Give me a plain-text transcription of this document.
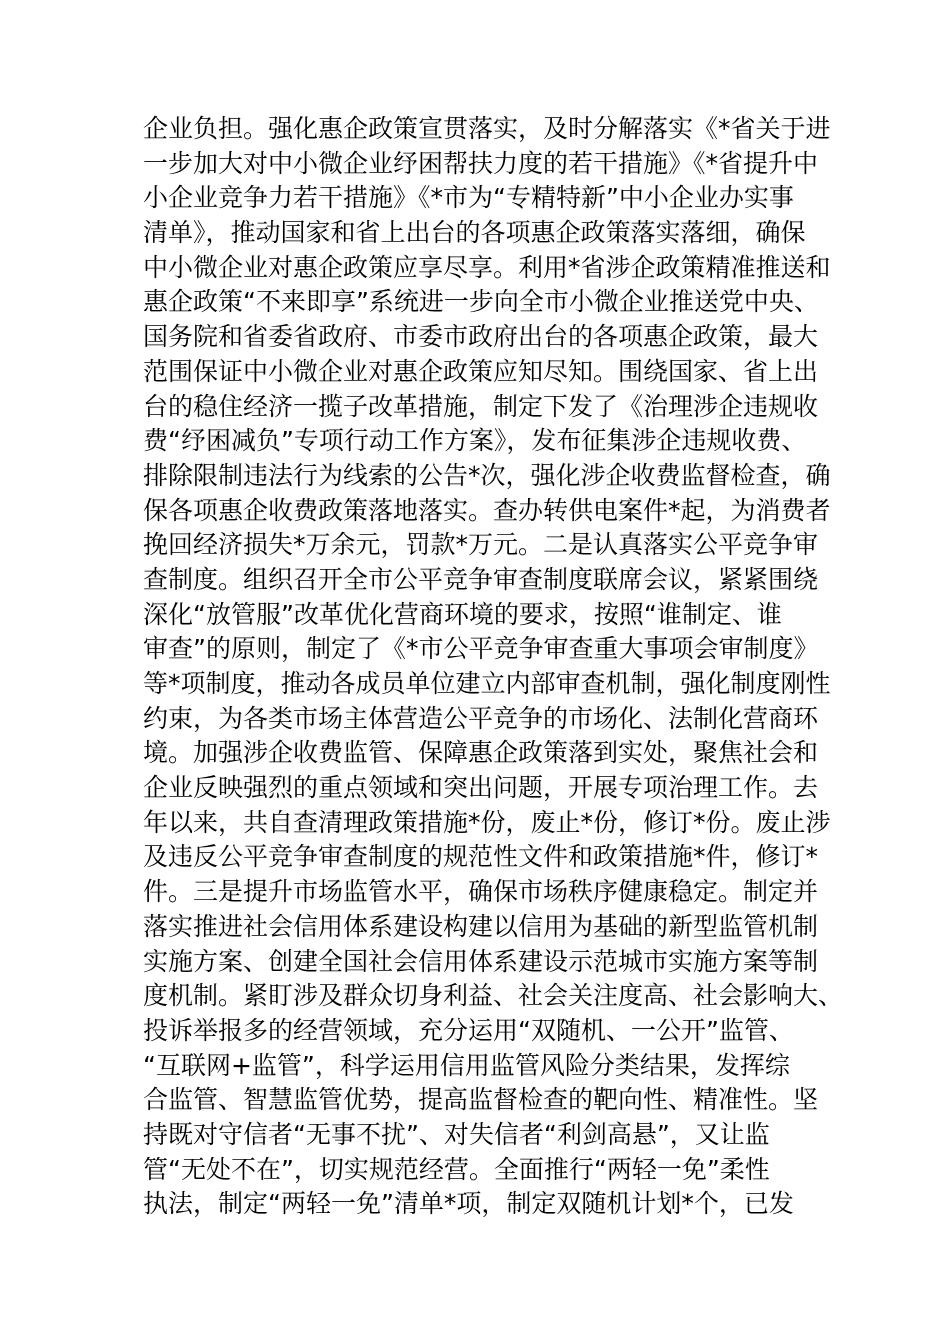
企业负担。强化惠企政策宣贯落实，及时分解落实《*省关于进
一步加大对中小微企业纾困帮扶力度的若干措施》《*省提升中
小企业竞争力若干措施》《*市为“专精特新”中小企业办实事
清单》，推动国家和省上出台的各项惠企政策落实落细，确保
中小微企业对惠企政策应享尽享。利用*省涉企政策精准推送和
惠企政策“不来即享”系统进一步向全市小微企业推送党中央、
国务院和省委省政府、市委市政府出台的各项惠企政策，最大
范围保证中小微企业对惠企政策应知尽知。围绕国家、省上出
台的稳住经济一揽子改革措施，制定下发了《治理涉企违规收
费“纾困减负”专项行动工作方案》，发布征集涉企违规收费、
排除限制违法行为线索的公告*次，强化涉企收费监督检查，确
保各项惠企收费政策落地落实。查办转供电案件*起，为消费者
挽回经济损失*万余元，罚款*万元。二是认真落实公平竞争审
查制度。组织召开全市公平竞争审查制度联席会议，紧紧围绕
深化“放管服”改革优化营商环境的要求，按照“谁制定、谁
审查”的原则，制定了《*市公平竞争审查重大事项会审制度》
等*项制度，推动各成员单位建立内部审查机制，强化制度刚性
约束，为各类市场主体营造公平竞争的市场化、法制化营商环
境。加强涉企收费监管、保障惠企政策落到实处，聚焦社会和
企业反映强烈的重点领域和突出问题，开展专项治理工作。去
年以来，共自查清理政策措施*份，废止*份，修订*份。废止涉
及违反公平竞争审查制度的规范性文件和政策措施*件，修订*
件。三是提升市场监管水平，确保市场秩序健康稳定。制定并
落实推进社会信用体系建设构建以信用为基础的新型监管机制
实施方案、创建全国社会信用体系建设示范城市实施方案等制
度机制。紧盯涉及群众切身利益、社会关注度高、社会影响大、
投诉举报多的经营领域，充分运用“双随机、一公开”监管、
“互联网+监管”，科学运用信用监管风险分类结果，发挥综
合监管、智慧监管优势，提高监督检查的靶向性、精准性。坚
持既对守信者“无事不扰”、对失信者“利剑高悬”，又让监
管“无处不在”，切实规范经营。全面推行“两轻一免”柔性
执法，制定“两轻一免”清单*项，制定双随机计划*个，已发
